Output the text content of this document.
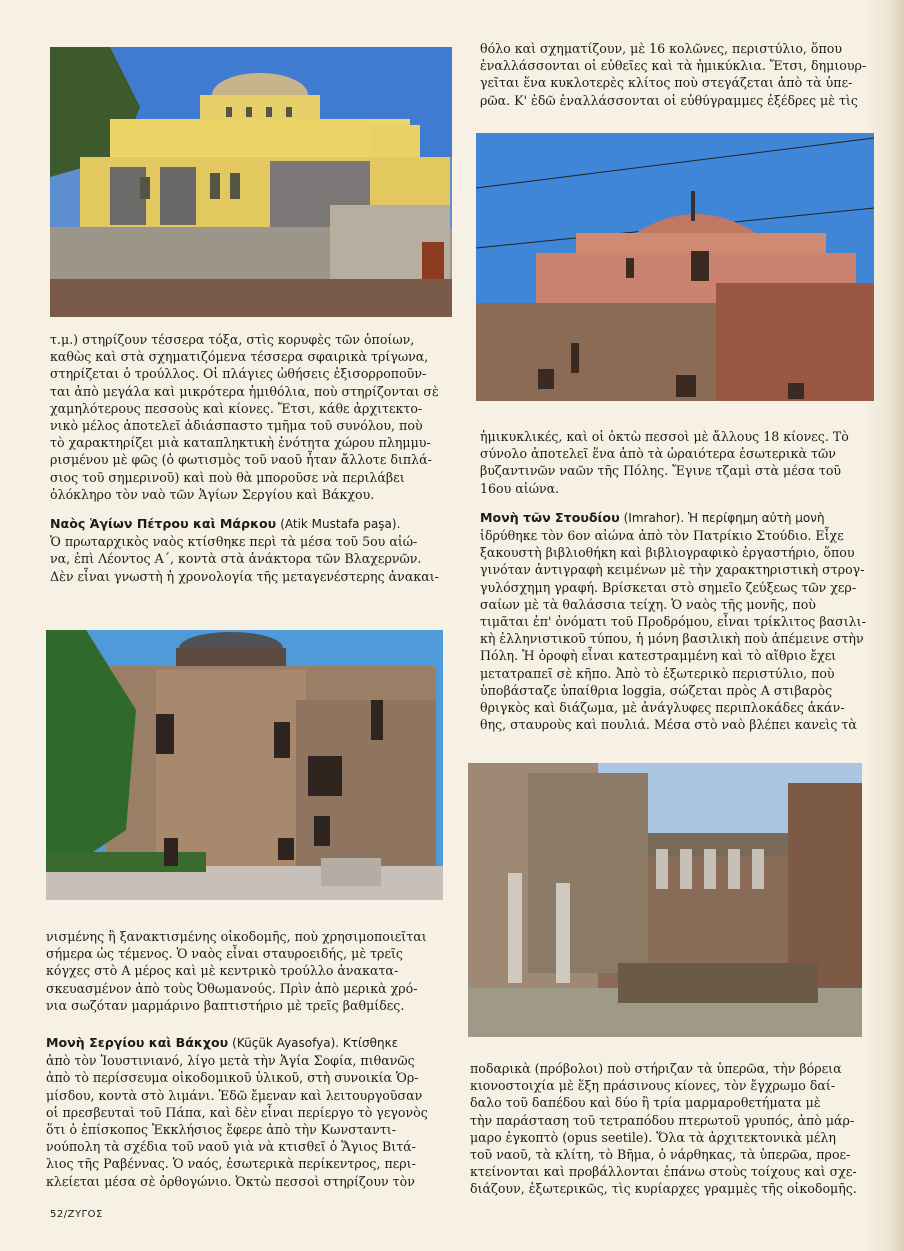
θόλο καὶ σχηματίζουν, μὲ 16 κολῶνες, περιστύλιο, ὅπου

ἐναλλάσσονται οἱ εὐθεῖες καὶ τὰ ἡμικύκλια. Ἔτσι, δημιουρ-

γεῖται ἕνα κυκλοτερὲς κλίτος ποὺ στεγάζεται ἀπὸ τὰ ὑπε-

ρῶα. Κ' ἐδῶ ἐναλλάσσονται οἱ εὐθύγραμμες ἐξέδρες μὲ τὶς

τ.μ.) στηρίζουν τέσσερα τόξα, στὶς κορυφὲς τῶν ὁποίων,

καθὼς καὶ στὰ σχηματιζόμενα τέσσερα σφαιρικὰ τρίγωνα,

στηρίζεται ὁ τρούλλος. Οἱ πλάγιες ὠθήσεις ἐξισορροποῦν-

ται ἀπὸ μεγάλα καὶ μικρότερα ἡμιθόλια, ποὺ στηρίζονται σὲ

χαμηλότερους πεσσοὺς καὶ κίονες. Ἔτσι, κάθε ἀρχιτεκτο-

νικὸ μέλος ἀποτελεῖ ἀδιάσπαστο τμῆμα τοῦ συνόλου, ποὺ

τὸ χαρακτηρίζει μιὰ καταπληκτικὴ ἑνότητα χώρου πλημμυ-

ρισμένου μὲ φῶς (ὁ φωτισμὸς τοῦ ναοῦ ἦταν ἄλλοτε διπλά-

σιος τοῦ σημερινοῦ) καὶ ποὺ θὰ μποροῦσε νὰ περιλάβει

ὁλόκληρο τὸν ναὸ τῶν Ἁγίων Σεργίου καὶ Βάκχου.

Ναὸς Ἁγίων Πέτρου καὶ Μάρκου (Atik Mustafa paşa).

Ὁ πρωταρχικὸς ναὸς κτίσθηκε περὶ τὰ μέσα τοῦ 5ου αἰώ-

να, ἐπὶ Λέοντος Α΄, κοντὰ στὰ ἀνάκτορα τῶν Βλαχερνῶν.

Δὲν εἶναι γνωστὴ ἡ χρονολογία τῆς μεταγενέστερης ἀνακαι-

ἡμικυκλικές, καὶ οἱ ὀκτὼ πεσσοὶ μὲ ἄλλους 18 κίονες. Τὸ

σύνολο ἀποτελεῖ ἕνα ἀπὸ τὰ ὡραιότερα ἐσωτερικὰ τῶν

βυζαντινῶν ναῶν τῆς Πόλης. Ἔγινε τζαμὶ στὰ μέσα τοῦ

16ου αἰώνα.

Μονὴ τῶν Στουδίου (Imrahor). Ἡ περίφημη αὐτὴ μονὴ

ἱδρύθηκε τὸν 6ον αἰώνα ἀπὸ τὸν Πατρίκιο Στούδιο. Εἶχε

ξακουστὴ βιβλιοθήκη καὶ βιβλιογραφικὸ ἐργαστήριο, ὅπου

γινόταν ἀντιγραφὴ κειμένων μὲ τὴν χαρακτηριστικὴ στρογ-

γυλόσχημη γραφή. Βρίσκεται στὸ σημεῖο ζεύξεως τῶν χερ-

σαίων μὲ τὰ θαλάσσια τείχη. Ὁ ναὸς τῆς μονῆς, ποὺ

τιμᾶται ἐπ' ὀνόματι τοῦ Προδρόμου, εἶναι τρίκλιτος βασιλι-

κὴ ἑλληνιστικοῦ τύπου, ἡ μόνη βασιλικὴ ποὺ ἀπέμεινε στὴν

Πόλη. Ἡ ὀροφὴ εἶναι κατεστραμμένη καὶ τὸ αἴθριο ἔχει

μετατραπεῖ σὲ κῆπο. Ἀπὸ τὸ ἐξωτερικὸ περιστύλιο, ποὺ

ὑποβάσταζε ὑπαίθρια loggia, σώζεται πρὸς Α στιβαρὸς

θριγκὸς καὶ διάζωμα, μὲ ἀνάγλυφες περιπλοκάδες ἀκάν-

θης, σταυροὺς καὶ πουλιά. Μέσα στὸ ναὸ βλέπει κανεὶς τὰ

νισμένης ἢ ξανακτισμένης οἰκοδομῆς, ποὺ χρησιμοποιεῖται

σήμερα ὡς τέμενος. Ὁ ναὸς εἶναι σταυροειδής, μὲ τρεῖς

κόγχες στὸ Α μέρος καὶ μὲ κεντρικὸ τρούλλο ἀνακατα-

σκευασμένον ἀπὸ τοὺς Ὀθωμανούς. Πρὶν ἀπὸ μερικὰ χρό-

νια σωζόταν μαρμάρινο βαπτιστήριο μὲ τρεῖς βαθμίδες.

Μονὴ Σεργίου καὶ Βάκχου (Küçük Ayasofya). Κτίσθηκε

ἀπὸ τὸν Ἰουστινιανό, λίγο μετὰ τὴν Ἁγία Σοφία, πιθανῶς

ἀπὸ τὸ περίσσευμα οἰκοδομικοῦ ὑλικοῦ, στὴ συνοικία Ὁρ-

μίσδου, κοντὰ στὸ λιμάνι. Ἐδῶ ἔμεναν καὶ λειτουργοῦσαν

οἱ πρεσβευταὶ τοῦ Πάπα, καὶ δὲν εἶναι περίεργο τὸ γεγονὸς

ὅτι ὁ ἐπίσκοπος Ἐκκλήσιος ἔφερε ἀπὸ τὴν Κωνσταντι-

νούπολη τὰ σχέδια τοῦ ναοῦ γιὰ νὰ κτισθεῖ ὁ Ἅγιος Βιτά-

λιος τῆς Ραβέννας. Ὁ ναός, ἐσωτερικὰ περίκεντρος, περι-

κλείεται μέσα σὲ ὀρθογώνιο. Ὀκτὼ πεσσοὶ στηρίζουν τὸν

ποδαρικὰ (πρόβολοι) ποὺ στήριζαν τὰ ὑπερῶα, τὴν βόρεια

κιονοστοιχία μὲ ἕξη πράσινους κίονες, τὸν ἔγχρωμο δαί-

δαλο τοῦ δαπέδου καὶ δύο ἢ τρία μαρμαροθετήματα μὲ

τὴν παράσταση τοῦ τετραπόδου πτερωτοῦ γρυπός, ἀπὸ μάρ-

μαρο ἐγκοπτὸ (opus seetile). Ὅλα τὰ ἀρχιτεκτονικὰ μέλη

τοῦ ναοῦ, τὰ κλίτη, τὸ Βῆμα, ὁ νάρθηκας, τὰ ὑπερῶα, προε-

κτείνονται καὶ προβάλλονται ἐπάνω στοὺς τοίχους καὶ σχε-

διάζουν, ἐξωτερικῶς, τὶς κυρίαρχες γραμμὲς τῆς οἰκοδομῆς.

52/ΖΥΓΟΣ
